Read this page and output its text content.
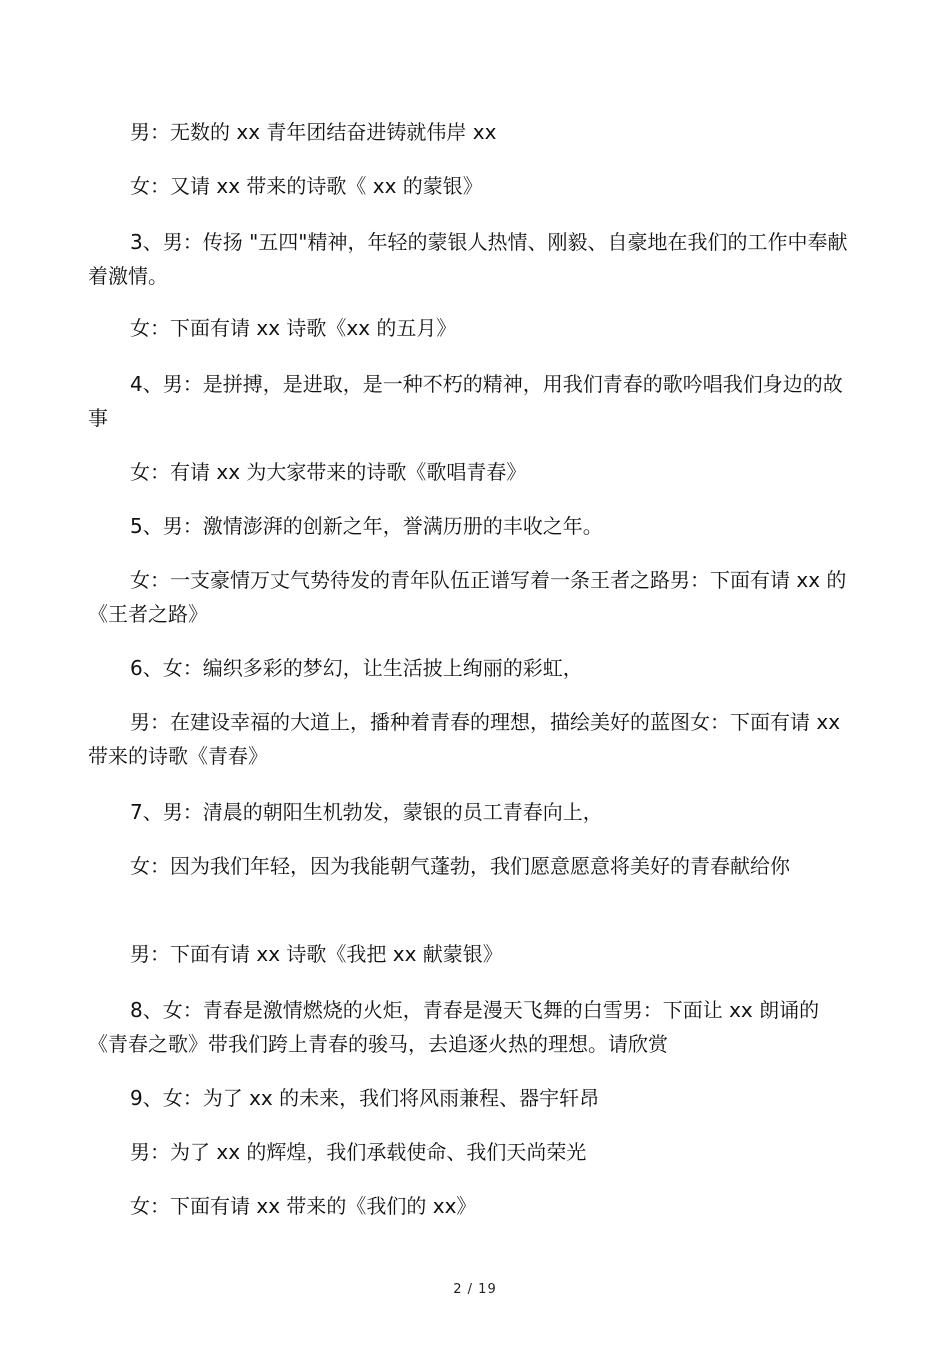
男：无数的 xx 青年团结奋进铸就伟岸 xx

女：又请 xx 带来的诗歌《 xx 的蒙银》

3、男：传扬 "五四"精神，年轻的蒙银人热情、刚毅、自豪地在我们的工作中奉献着激情。

女：下面有请 xx 诗歌《xx 的五月》

4、男：是拼搏，是进取，是一种不朽的精神，用我们青春的歌吟唱我们身边的故事

女：有请 xx 为大家带来的诗歌《歌唱青春》

5、男：激情澎湃的创新之年，誉满历册的丰收之年。

女：一支豪情万丈气势待发的青年队伍正谱写着一条王者之路男：下面有请 xx 的《王者之路》

6、女：编织多彩的梦幻，让生活披上绚丽的彩虹，

男：在建设幸福的大道上，播种着青春的理想，描绘美好的蓝图女：下面有请 xx 带来的诗歌《青春》

7、男：清晨的朝阳生机勃发，蒙银的员工青春向上，

女：因为我们年轻，因为我能朝气蓬勃，我们愿意愿意将美好的青春献给你

男：下面有请 xx 诗歌《我把 xx 献蒙银》

8、女：青春是激情燃烧的火炬，青春是漫天飞舞的白雪男：下面让 xx 朗诵的《青春之歌》带我们跨上青春的骏马，去追逐火热的理想。请欣赏

9、女：为了 xx 的未来，我们将风雨兼程、器宇轩昂

男：为了 xx 的辉煌，我们承载使命、我们天尚荣光

女：下面有请 xx 带来的《我们的 xx》

2 / 19
